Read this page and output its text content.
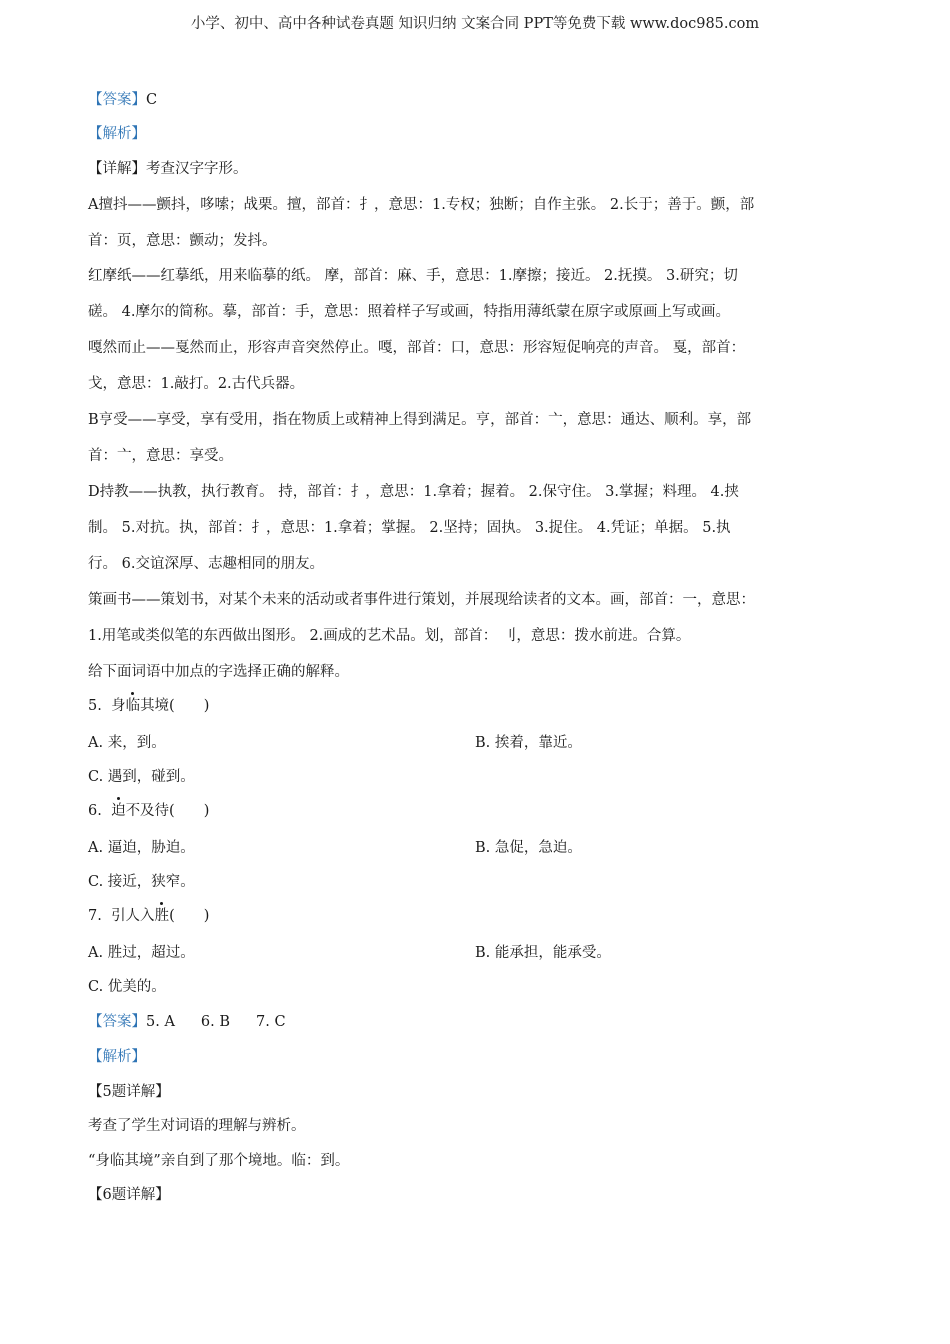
小学、初中、高中各种试卷真题 知识归纳 文案合同 PPT等免费下载 www.doc985.com
【答案】C
【解析】
【详解】考查汉字字形。
A擅抖——颤抖，哆嗦；战栗。擅，部首：扌，意思：1.专权；独断；自作主张。 2.长于；善于。颤，部
首：页，意思：颤动；发抖。
红摩纸——红摹纸，用来临摹的纸。 摩，部首：麻、手，意思：1.摩擦；接近。 2.抚摸。 3.研究；切
磋。 4.摩尔的简称。摹，部首：手，意思：照着样子写或画，特指用薄纸蒙在原字或原画上写或画。
嘎然而止——戛然而止，形容声音突然停止。嘎，部首：口，意思：形容短促响亮的声音。 戛，部首：
戈，意思：1.敲打。2.古代兵器。
B亨受——享受，享有受用，指在物质上或精神上得到满足。亨，部首：亠，意思：通达、顺利。享，部
首：亠，意思：享受。
D持教——执教，执行教育。 持，部首：扌，意思：1.拿着；握着。 2.保守住。 3.掌握；料理。 4.挟
制。 5.对抗。执，部首：扌，意思：1.拿着；掌握。 2.坚持；固执。 3.捉住。 4.凭证；单据。 5.执
行。 6.交谊深厚、志趣相同的朋友。
策画书——策划书，对某个未来的活动或者事件进行策划，并展现给读者的文本。画，部首：一，意思：
1.用笔或类似笔的东西做出图形。 2.画成的艺术品。划，部首： 刂，意思：拨水前进。合算。
给下面词语中加点的字选择正确的解释。
5. 身临其境(　　)
A. 来，到。	B. 挨着，靠近。
C. 遇到，碰到。
6. 迫不及待(　　)
A. 逼迫，胁迫。	B. 急促，急迫。
C. 接近，狭窄。
7. 引人入胜(　　)
A. 胜过，超过。	B. 能承担，能承受。
C. 优美的。
【答案】5. A 6. B 7. C
【解析】
【5题详解】
考查了学生对词语的理解与辨析。
“身临其境”亲自到了那个境地。临：到。
【6题详解】
